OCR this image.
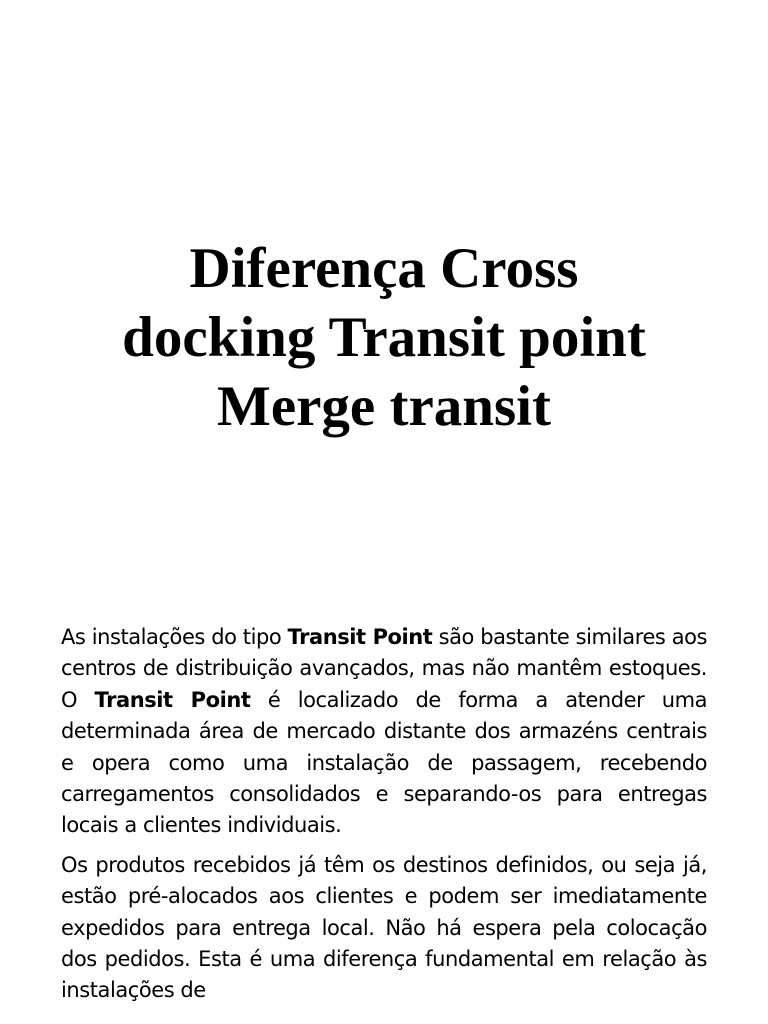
Diferença Cross
docking Transit point
Merge transit

As instalações do tipo Transit Point são bastante similares aos centros de distribuição avançados, mas não mantêm estoques. O Transit Point é localizado de forma a atender uma determinada área de mercado distante dos armazéns centrais e opera como uma instalação de passagem, recebendo carregamentos consolidados e separando-os para entregas locais a clientes individuais.

Os produtos recebidos já têm os destinos definidos, ou seja já, estão pré-alocados aos clientes e podem ser imediatamente expedidos para entrega local. Não há espera pela colocação dos pedidos. Esta é uma diferença fundamental em relação às instalações de
